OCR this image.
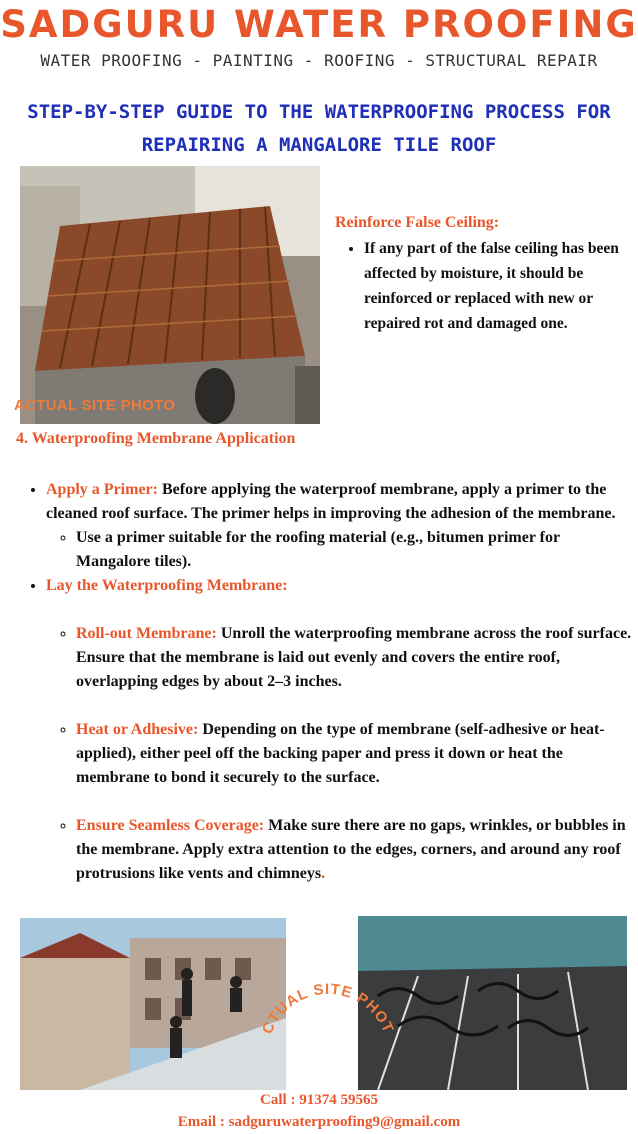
SADGURU WATER PROOFING
WATER PROOFING - PAINTING - ROOFING - STRUCTURAL REPAIR
STEP-BY-STEP GUIDE TO THE WATERPROOFING PROCESS FOR REPAIRING A MANGALORE TILE ROOF
ACTUAL SITE PHOTO
Reinforce False Ceiling:
• If any part of the false ceiling has been affected by moisture, it should be reinforced or replaced with new or repaired rot and damaged one.
4. Waterproofing Membrane Application
• Apply a Primer: Before applying the waterproof membrane, apply a primer to the cleaned roof surface. The primer helps in improving the adhesion of the membrane.
◦ Use a primer suitable for the roofing material (e.g., bitumen primer for Mangalore tiles).
• Lay the Waterproofing Membrane:
◦ Roll-out Membrane: Unroll the waterproofing membrane across the roof surface. Ensure that the membrane is laid out evenly and covers the entire roof, overlapping edges by about 2–3 inches.
◦ Heat or Adhesive: Depending on the type of membrane (self-adhesive or heat-applied), either peel off the backing paper and press it down or heat the membrane to bond it securely to the surface.
◦ Ensure Seamless Coverage: Make sure there are no gaps, wrinkles, or bubbles in the membrane. Apply extra attention to the edges, corners, and around any roof protrusions like vents and chimneys.
CTUAL SITE PHOT
Call : 91374 59565
Email : sadguruwaterproofing9@gmail.com
